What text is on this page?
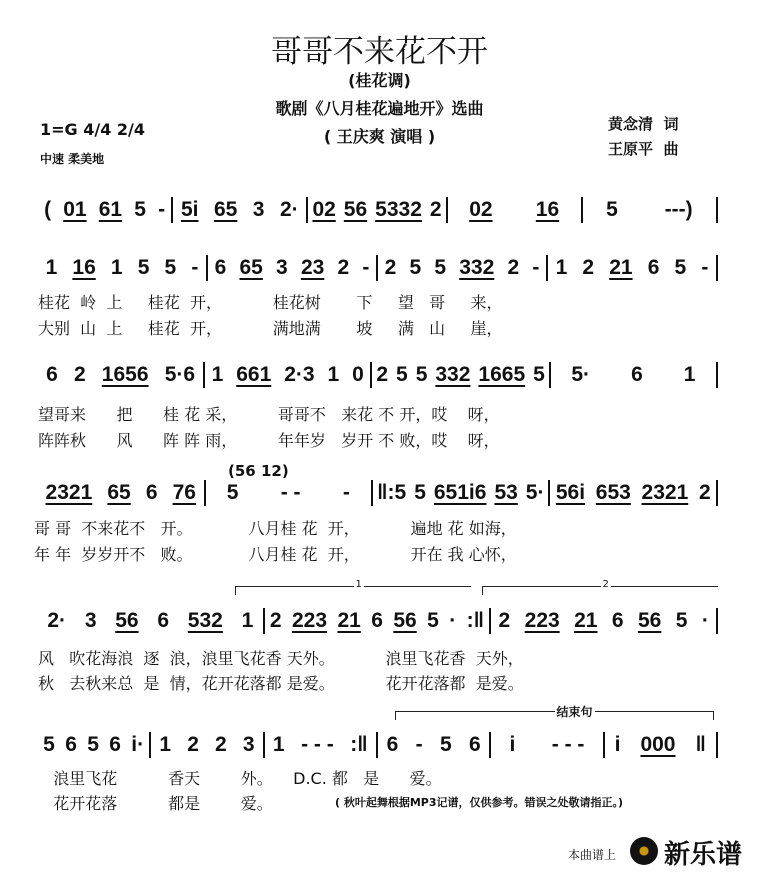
哥哥不来花不开
(桂花调)
歌剧《八月桂花遍地开》选曲
( 王庆爽 演唱 )
1=G 4/4 2/4
中速 柔美地
黄念清  词
王原平  曲
( 01 61 5 - 5i 65 3 2· 02 56 5332 2 02 16 5 ---)
1 16 1 5 5 - 6 65 3 23 2 - 2 5 5 332 2 - 1 2 21 6 5 -
6 2 1656 5·6 1 661 2·3 1 0 2 5 5 332 1665 5 5· 6 1
(56 12)
2321 65 6 76 5 - - - ‖:5 5 651i6 53 5· 56i 653 2321 2
1	2
2· 3 56 6 532 1 2 223 21 6 56 5 · :‖ 2 223 21 6 56 5 ·
结束句
5 6 5 6 i· 1 2 2 3 1 - - - :‖ 6 - 5 6 i - - - i 000 ‖
桂花  岭  上     桂花  开，          桂花树       下     望   哥     来，
大别  山  上     桂花  开，          满地满       坡     满   山     崖，
望哥来      把      桂 花 采，        哥哥不   来花 不 开，哎    呀，
阵阵秋      风      阵 阵 雨，        年年岁   岁开 不 败，哎    呀，
哥 哥  不来花不   开。           八月桂 花  开，          遍地 花 如海，
年 年  岁岁开不   败。           八月桂 花  开，          开在 我 心怀，
风   吹花海浪  逐  浪，浪里飞花香 天外。          浪里飞花香  天外，
秋   去秋来总  是  情，花开花落都 是爱。          花开花落都  是爱。
浪里飞花          香天        外。    D.C. 都   是      爱。
花开花落          都是        爱。	( 秋叶起舞根据MP3记谱，仅供参考。错误之处敬请指正。)
本曲谱上 新乐谱
